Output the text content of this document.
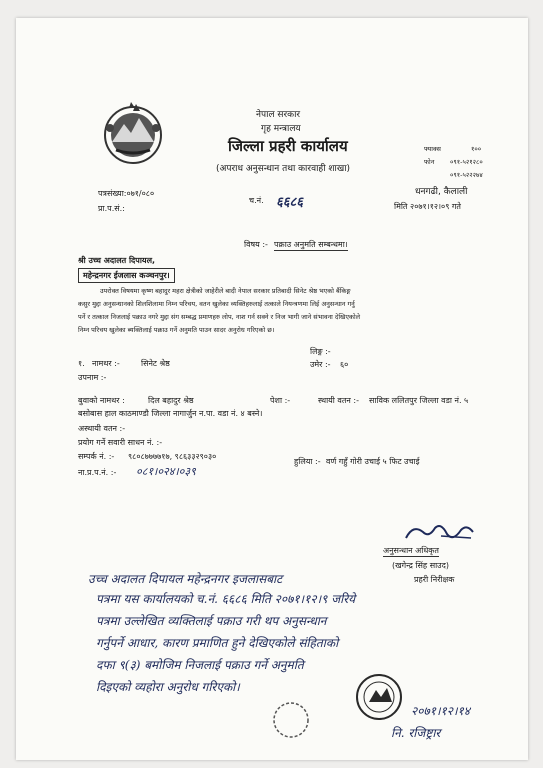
नेपाल सरकार
गृह मन्त्रालय
जिल्ला प्रहरी कार्यालय
(अपराध अनुसन्धान तथा कारवाही शाखा)
फ्याक्स	१००
फोन ०९१-५२१२८०
०९१-५२२२७४
धनगढी, कैलाली
मिति २०७१।१२।०९ गते
पत्रसंख्या:०७१/०८०
प्रा.प.सं.:
च.नं. ६६८६
विषय :- पक्राउ अनुमति सम्बन्धमा।
श्री उच्च अदालत दिपायल,
महेन्द्रनगर ईजलास कञ्चनपुर।
उपरोक्त विषयमा कृष्ण बहादुर महरा क्षेत्रीको जाहेरीले बादी नेपाल सरकार प्रतिबादी सिनेट श्रेष्ठ भएको बैंकिङ्ग
कसुर मुद्दा अनुसन्धानको शिलशिलामा निम्न परिचय, वतन खुलेका व्यक्तिहरुलाई तत्काले नियन्त्रणमा लिई अनुसन्धान गर्नु
पर्ने र तत्काल निजलाई पक्राउ नगरे मुद्दा संग सम्बद्ध प्रमाणहरु लोप, नाश गर्न सक्ने र निज भागी जाने संभावना देखिएकोले
निम्न परिचय खुलेका ब्यक्तिलाई पक्राउ गर्ने अनुमति पाउन सादर अनुरोध गरिएको छ।
लिङ्ग :-
१. नामथर :-	सिनेट श्रेष्ठ	उमेर :- ६०
उपनाम :-
बुवाको नामथर :	दिल बहादुर श्रेष्ठ	पेशा :-	स्थायी वतन :- साविक ललितपुर जिल्ला वडा नं. ५
बसोबास हाल काठमाण्डौ जिल्ला नागार्जुन न.पा. वडा नं. ४ बस्ने।
अस्थायी वतन :-
प्रयोग गर्ने सवारी साधन नं. :-
सम्पर्क नं. :- ९८०८७७७७१७, ९८६३३२९०३०
हुलिया :- वर्ण गहुँ गोरी उचाई ५ फिट उचाई
ना.प्र.प.नं. :- ०८१।०२४।०३९
अनुसन्धान अधिकृत
(खगेन्द्र सिंह साउद)
प्रहरी निरीक्षक
उच्च अदालत दिपायल महेन्द्रनगर इजलासबाट
पत्रमा यस कार्यालयको च.नं. ६६८६ मिति २०७१।१२।९ जरिये
पत्रमा उल्लेखित व्यक्तिलाई पक्राउ गरी थप अनुसन्धान
गर्नुपर्ने आधार, कारण प्रमाणित हुने देखिएकोले संहिताको
दफा ९(३) बमोजिम निजलाई पक्राउ गर्ने अनुमति
दिइएको व्यहोरा अनुरोध गरिएको।
२०७१।१२।१४
नि. रजिष्ट्रार
